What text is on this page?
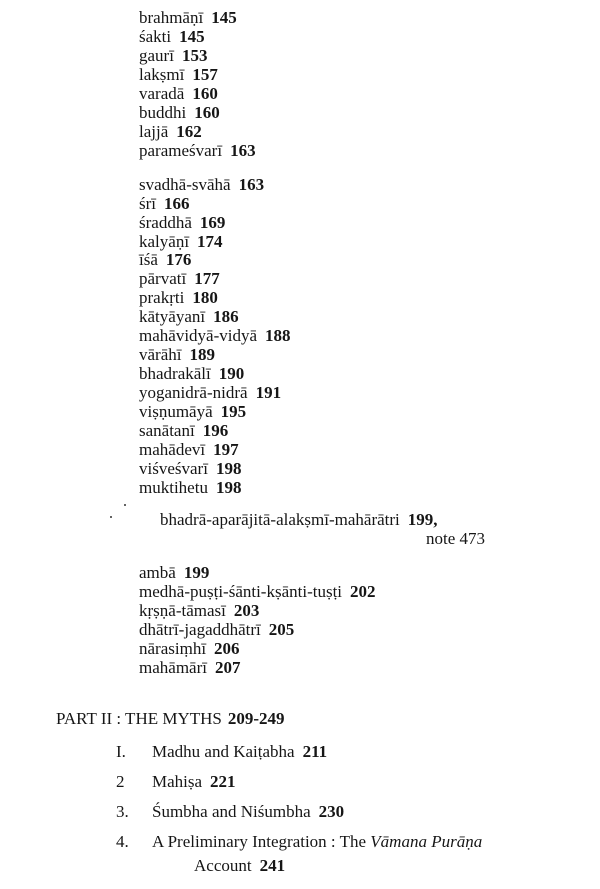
brahmāṇī 145
śakti 145
gaurī 153
lakṣmī 157
varadā 160
buddhi 160
lajjā 162
parameśvarī 163
svadhā-svāhā 163
śrī 166
śraddhā 169
kalyāṇī 174
īśā 176
pārvatī 177
prakṛti 180
kātyāyanī 186
mahāvidyā-vidyā 188
vārāhī 189
bhadrakālī 190
yoganidrā-nidrā 191
viṣṇumāyā 195
sanātanī 196
mahādevī 197
viśveśvarī 198
muktihetu 198
bhadrā-aparājitā-alakṣmī-mahārātri 199,
note 473
ambā 199
medhā-puṣṭi-śānti-kṣānti-tuṣṭi 202
kṛṣṇā-tāmasī 203
dhātrī-jagaddhātrī 205
nārasiṃhī 206
mahāmārī 207
PART II : THE MYTHS 209-249
I. Madhu and Kaiṭabha 211
2 Mahiṣa 221
3. Śumbha and Niśumbha 230
4. A Preliminary Integration : The Vāmana Purāṇa
Account 241
